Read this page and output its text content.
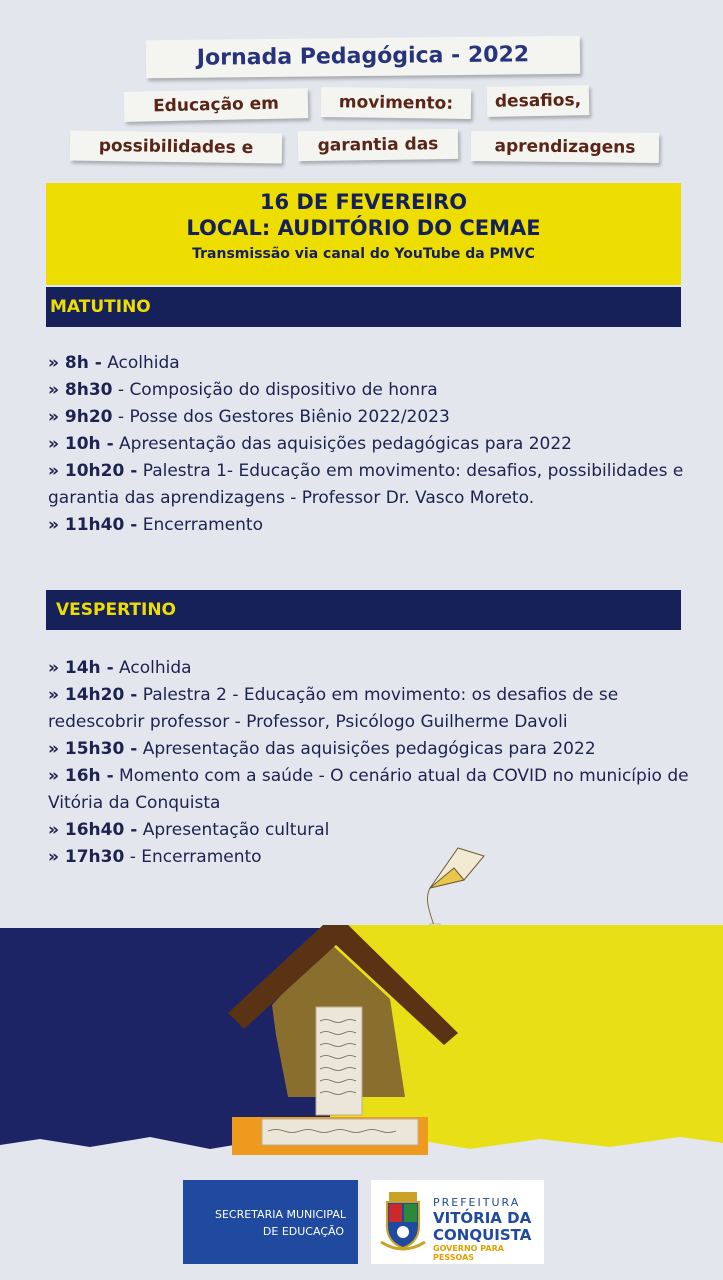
Jornada Pedagógica - 2022
Educação em	movimento:	desafios,
possibilidades e	garantia das	aprendizagens
16 DE FEVEREIRO
LOCAL: AUDITÓRIO DO CEMAE
Transmissão via canal do YouTube da PMVC
MATUTINO
» 8h - Acolhida
» 8h30 - Composição do dispositivo de honra
» 9h20 - Posse dos Gestores Biênio 2022/2023
» 10h - Apresentação das aquisições pedagógicas para 2022
» 10h20 - Palestra 1- Educação em movimento: desafios, possibilidades e garantia das aprendizagens - Professor Dr. Vasco Moreto.
» 11h40 - Encerramento
VESPERTINO
» 14h - Acolhida
» 14h20 - Palestra 2 - Educação em movimento: os desafios de se redescobrir professor - Professor, Psicólogo Guilherme Davoli
» 15h30 - Apresentação das aquisições pedagógicas para 2022
» 16h - Momento com a saúde - O cenário atual da COVID no município de Vitória da Conquista
» 16h40 - Apresentação cultural
» 17h30 - Encerramento
SECRETARIA MUNICIPAL
DE EDUCAÇÃO
PREFEITURA
VITÓRIA DA
CONQUISTA
GOVERNO PARA PESSOAS
